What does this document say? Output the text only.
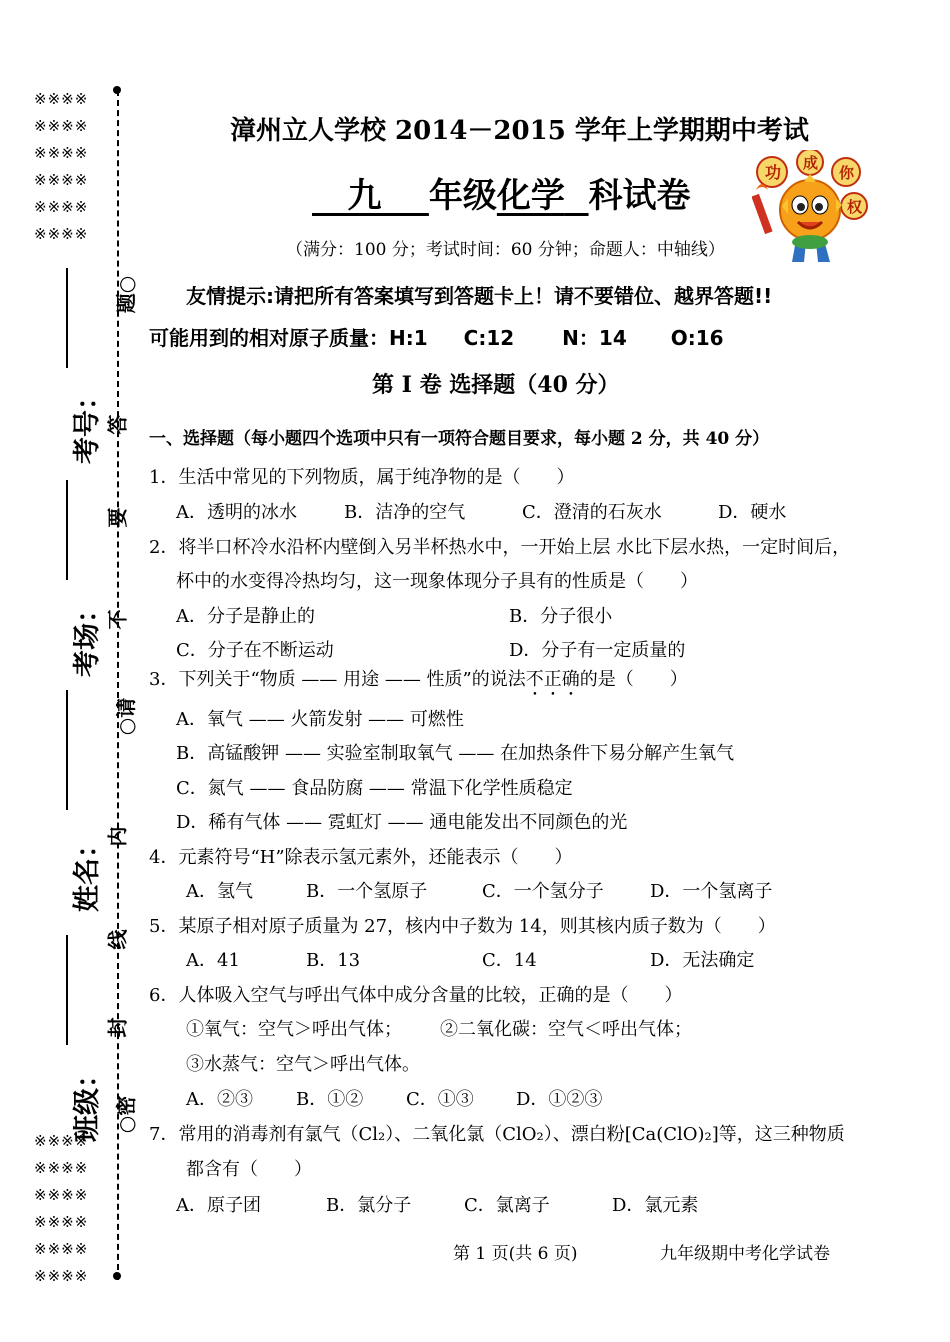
※※※※
※※※※
※※※※
※※※※
※※※※
※※※※
※※※※
※※※※
※※※※
※※※※
※※※※
※※※※
题○
答
要
不
○请
内
线
封
○密
考号：
考场：
姓名：
班级：
漳州立人学校 2014－2015 学年上学期期中考试
九 年级化学 科试卷
功 成
你
权
（满分：100 分；考试时间：60 分钟；命题人：中轴线）
友情提示:请把所有答案填写到答题卡上！请不要错位、越界答题!!
可能用到的相对原子质量：H:1 C:12 N：14 O:16
第 I 卷 选择题（40 分）
一、选择题（每小题四个选项中只有一项符合题目要求，每小题 2 分，共 40 分）
1．生活中常见的下列物质，属于纯净物的是（　　）
A．透明的冰水	B．洁净的空气	C．澄清的石灰水	D．硬水
2．将半口杯冷水沿杯内壁倒入另半杯热水中，一开始上层 水比下层水热，一定时间后，
杯中的水变得冷热均匀，这一现象体现分子具有的性质是（　　）
A．分子是静止的	B．分子很小
C．分子在不断运动	D．分子有一定质量的
3．下列关于“物质 —— 用途 —— 性质”的说法不正确的是（　　）
A．氧气 —— 火箭发射 —— 可燃性
B．高锰酸钾 —— 实验室制取氧气 —— 在加热条件下易分解产生氧气
C．氮气 —— 食品防腐 —— 常温下化学性质稳定
D．稀有气体 —— 霓虹灯 —— 通电能发出不同颜色的光
4．元素符号“H”除表示氢元素外，还能表示（　　）
A．氢气	B．一个氢原子	C．一个氢分子	D．一个氢离子
5．某原子相对原子质量为 27，核内中子数为 14，则其核内质子数为（　　）
A．41	B．13	C．14	D．无法确定
6．人体吸入空气与呼出气体中成分含量的比较，正确的是（　　）
①氧气：空气＞呼出气体； ②二氧化碳：空气＜呼出气体；
③水蒸气：空气＞呼出气体。
A．②③ B．①② C．①③ D．①②③
7．常用的消毒剂有氯气（Cl₂）、二氧化氯（ClO₂）、漂白粉[Ca(ClO)₂]等，这三种物质
都含有（　　）
A．原子团	B．氯分子	C．氯离子	D．氯元素
第 1 页(共 6 页)	九年级期中考化学试卷
